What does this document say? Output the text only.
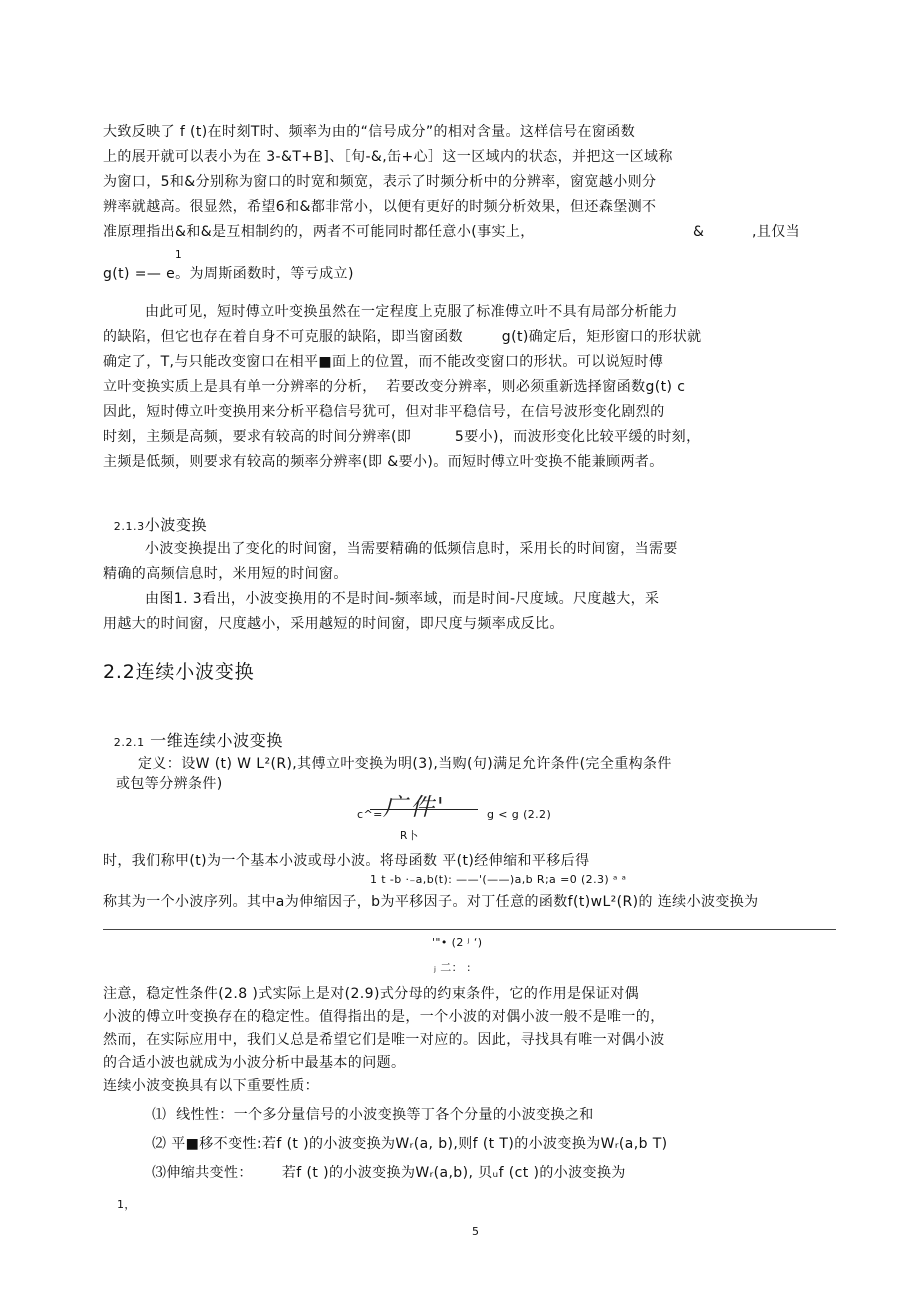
大致反映了 f (t)在时刻T时、频率为由的“信号成分”的相对含量。这样信号在窗函数
上的展开就可以表小为在 3-&T+B]、［旬-&,缶+心］这一区域内的状态，并把这一区域称
为窗口，5和&分别称为窗口的时宽和频宽，表示了时频分析中的分辨率，窗宽越小则分
辨率就越高。很显然，希望6和&都非常小，以便有更好的时频分析效果，但还森堡测不
准原理指出&和&是互相制约的，两者不可能同时都任意小(事实上，	&	,且仅当
1
g(t) =— e。为周斯函数时，等亏成立)
由此可见，短时傅立叶变换虽然在一定程度上克服了标准傅立叶不具有局部分析能力
的缺陷，但它也存在着自身不可克服的缺陷，即当窗函数        g(t)确定后，矩形窗口的形状就
确定了，T,与只能改变窗口在相平■面上的位置，而不能改变窗口的形状。可以说短时傅
立叶变换实质上是具有单一分辨率的分析，  若要改变分辨率，则必须重新选择窗函数g(t) c
因此，短时傅立叶变换用来分析平稳信号犹可，但对非平稳信号，在信号波形变化剧烈的
时刻，主频是高频，要求有较高的时间分辨率(即         5要小)，而波形变化比较平缓的时刻，
主频是低频，则要求有较高的频率分辨率(即 &要小)。而短时傅立叶变换不能兼顾两者。

2.1.3小波变换

小波变换提出了变化的时间窗，当需要精确的低频信息时，采用长的时间窗，当需要
精确的高频信息时，米用短的时间窗。
由图1. 3看出，小波变换用的不是时间-频率域，而是时间-尺度域。尺度越大，采
用越大的时间窗，尺度越小，采用越短的时间窗，即尺度与频率成反比。
2.2连续小波变换

2.2.1 一维连续小波变换

定义：设W (t) W L²(R),其傅立叶变换为明(3),当购(句)满足允许条件(完全重构条件
或包等分辨条件)
c^= 广件'	g < g (2.2)
R卜
时，我们称甲(t)为一个基本小波或母小波。将母函数 平(t)经伸缩和平移后得
1 t -b ·₋a,b(t): ——'(——)a,b R;a =0 (2.3) ᵃ ᵃ
称其为一个小波序列。其中a为伸缩因子，b为平移因子。对丁任意的函数f(t)wL²(R)的 连续小波变换为
'"• (2 ʲ ‘)
ⱼ 二： :
注意，稳定性条件(2.8 )式实际上是对(2.9)式分母的约束条件，它的作用是保证对偶
小波的傅立叶变换存在的稳定性。值得指出的是，一个小波的对偶小波一般不是唯一的，
然而，在实际应用中，我们乂总是希望它们是唯一对应的。因此，寻找具有唯一对偶小波
的合适小波也就成为小波分析中最基本的问题。
连续小波变换具有以下重要性质：
⑴  线性性：一个多分量信号的小波变换等丁各个分量的小波变换之和
⑵ 平■移不变性:若f (t )的小波变换为Wᵣ(a, b),则f (t T)的小波变换为Wᵣ(a,b T)
⑶伸缩共变性：      若f (t )的小波变换为Wᵣ(a,b), 贝ᵤf (ct )的小波变换为
1，
5
